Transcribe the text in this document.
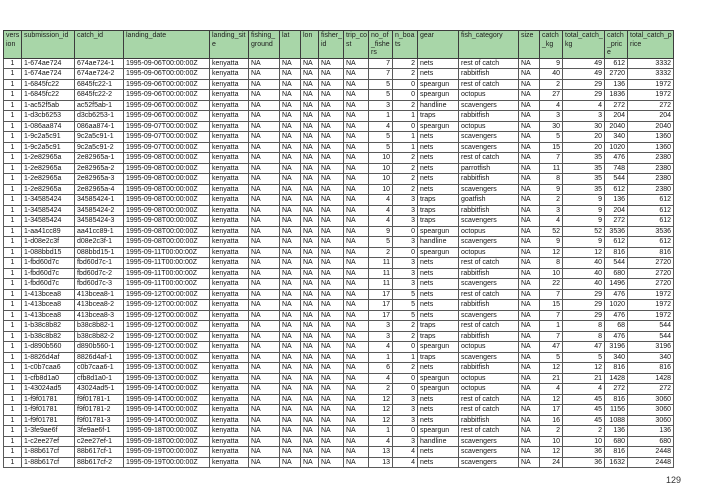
version	submission_id	catch_id	landing_date	landing_site	fishing_ground	lat	lon	fisher_id	trip_cost	no_of_fishers	n_boats	gear	fish_category	size	catch_kg	total_catch_kg	catch_price	total_catch_price
1	1-674ae724	674ae724-1	1995-09-06T00:00:00Z	kenyatta	NA	NA	NA	NA	NA	7	2	nets	rest of catch	NA	9	49	612	3332
1	1-674ae724	674ae724-2	1995-09-06T00:00:00Z	kenyatta	NA	NA	NA	NA	NA	7	2	nets	rabbitfish	NA	40	49	2720	3332
1	1-6845fc22	6845fc22-1	1995-09-06T00:00:00Z	kenyatta	NA	NA	NA	NA	NA	5	0	speargun	rest of catch	NA	2	29	136	1972
1	1-6845fc22	6845fc22-2	1995-09-06T00:00:00Z	kenyatta	NA	NA	NA	NA	NA	5	0	speargun	octopus	NA	27	29	1836	1972
1	1-ac52f5ab	ac52f5ab-1	1995-09-06T00:00:00Z	kenyatta	NA	NA	NA	NA	NA	3	2	handline	scavengers	NA	4	4	272	272
1	1-d3cb6253	d3cb6253-1	1995-09-06T00:00:00Z	kenyatta	NA	NA	NA	NA	NA	1	1	traps	rabbitfish	NA	3	3	204	204
1	1-086aa874	086aa874-1	1995-09-07T00:00:00Z	kenyatta	NA	NA	NA	NA	NA	4	0	speargun	octopus	NA	30	30	2040	2040
1	1-9c2a5c91	9c2a5c91-1	1995-09-07T00:00:00Z	kenyatta	NA	NA	NA	NA	NA	5	1	nets	scavengers	NA	5	20	340	1360
1	1-9c2a5c91	9c2a5c91-2	1995-09-07T00:00:00Z	kenyatta	NA	NA	NA	NA	NA	5	1	nets	scavengers	NA	15	20	1020	1360
1	1-2e82965a	2e82965a-1	1995-09-08T00:00:00Z	kenyatta	NA	NA	NA	NA	NA	10	2	nets	rest of catch	NA	7	35	476	2380
1	1-2e82965a	2e82965a-2	1995-09-08T00:00:00Z	kenyatta	NA	NA	NA	NA	NA	10	2	nets	parrotfish	NA	11	35	748	2380
1	1-2e82965a	2e82965a-3	1995-09-08T00:00:00Z	kenyatta	NA	NA	NA	NA	NA	10	2	nets	rabbitfish	NA	8	35	544	2380
1	1-2e82965a	2e82965a-4	1995-09-08T00:00:00Z	kenyatta	NA	NA	NA	NA	NA	10	2	nets	scavengers	NA	9	35	612	2380
1	1-34585424	34585424-1	1995-09-08T00:00:00Z	kenyatta	NA	NA	NA	NA	NA	4	3	traps	goatfish	NA	2	9	136	612
1	1-34585424	34585424-2	1995-09-08T00:00:00Z	kenyatta	NA	NA	NA	NA	NA	4	3	traps	rabbitfish	NA	3	9	204	612
1	1-34585424	34585424-3	1995-09-08T00:00:00Z	kenyatta	NA	NA	NA	NA	NA	4	3	traps	scavengers	NA	4	9	272	612
1	1-aa41cc89	aa41cc89-1	1995-09-08T00:00:00Z	kenyatta	NA	NA	NA	NA	NA	9	0	speargun	octopus	NA	52	52	3536	3536
1	1-d08e2c3f	d08e2c3f-1	1995-09-08T00:00:00Z	kenyatta	NA	NA	NA	NA	NA	5	3	handline	scavengers	NA	9	9	612	612
1	1-088bbd15	088bbd15-1	1995-09-11T00:00:00Z	kenyatta	NA	NA	NA	NA	NA	2	0	speargun	octopus	NA	12	12	816	816
1	1-fbd60d7c	fbd60d7c-1	1995-09-11T00:00:00Z	kenyatta	NA	NA	NA	NA	NA	11	3	nets	rest of catch	NA	8	40	544	2720
1	1-fbd60d7c	fbd60d7c-2	1995-09-11T00:00:00Z	kenyatta	NA	NA	NA	NA	NA	11	3	nets	rabbitfish	NA	10	40	680	2720
1	1-fbd60d7c	fbd60d7c-3	1995-09-11T00:00:00Z	kenyatta	NA	NA	NA	NA	NA	11	3	nets	scavengers	NA	22	40	1496	2720
1	1-413bcea8	413bcea8-1	1995-09-12T00:00:00Z	kenyatta	NA	NA	NA	NA	NA	17	5	nets	rest of catch	NA	7	29	476	1972
1	1-413bcea8	413bcea8-2	1995-09-12T00:00:00Z	kenyatta	NA	NA	NA	NA	NA	17	5	nets	rabbitfish	NA	15	29	1020	1972
1	1-413bcea8	413bcea8-3	1995-09-12T00:00:00Z	kenyatta	NA	NA	NA	NA	NA	17	5	nets	scavengers	NA	7	29	476	1972
1	1-b38c8b82	b38c8b82-1	1995-09-12T00:00:00Z	kenyatta	NA	NA	NA	NA	NA	3	2	traps	rest of catch	NA	1	8	68	544
1	1-b38c8b82	b38c8b82-2	1995-09-12T00:00:00Z	kenyatta	NA	NA	NA	NA	NA	3	2	traps	rabbitfish	NA	7	8	476	544
1	1-d890b560	d890b560-1	1995-09-12T00:00:00Z	kenyatta	NA	NA	NA	NA	NA	4	0	speargun	octopus	NA	47	47	3196	3196
1	1-8826d4af	8826d4af-1	1995-09-13T00:00:00Z	kenyatta	NA	NA	NA	NA	NA	1	1	traps	scavengers	NA	5	5	340	340
1	1-c0b7caa6	c0b7caa6-1	1995-09-13T00:00:00Z	kenyatta	NA	NA	NA	NA	NA	6	2	nets	rabbitfish	NA	12	12	816	816
1	1-cfb8d1a0	cfb8d1a0-1	1995-09-13T00:00:00Z	kenyatta	NA	NA	NA	NA	NA	4	0	speargun	octopus	NA	21	21	1428	1428
1	1-43024ad5	43024ad5-1	1995-09-14T00:00:00Z	kenyatta	NA	NA	NA	NA	NA	2	0	speargun	octopus	NA	4	4	272	272
1	1-f9f01781	f9f01781-1	1995-09-14T00:00:00Z	kenyatta	NA	NA	NA	NA	NA	12	3	nets	rest of catch	NA	12	45	816	3060
1	1-f9f01781	f9f01781-2	1995-09-14T00:00:00Z	kenyatta	NA	NA	NA	NA	NA	12	3	nets	rest of catch	NA	17	45	1156	3060
1	1-f9f01781	f9f01781-3	1995-09-14T00:00:00Z	kenyatta	NA	NA	NA	NA	NA	12	3	nets	rabbitfish	NA	16	45	1088	3060
1	1-3fe9ae6f	3fe9ae6f-1	1995-09-18T00:00:00Z	kenyatta	NA	NA	NA	NA	NA	1	0	speargun	rest of catch	NA	2	2	136	136
1	1-c2ee27ef	c2ee27ef-1	1995-09-18T00:00:00Z	kenyatta	NA	NA	NA	NA	NA	4	3	handline	scavengers	NA	10	10	680	680
1	1-88b617cf	88b617cf-1	1995-09-19T00:00:00Z	kenyatta	NA	NA	NA	NA	NA	13	4	nets	scavengers	NA	12	36	816	2448
1	1-88b617cf	88b617cf-2	1995-09-19T00:00:00Z	kenyatta	NA	NA	NA	NA	NA	13	4	nets	scavengers	NA	24	36	1632	2448
129
